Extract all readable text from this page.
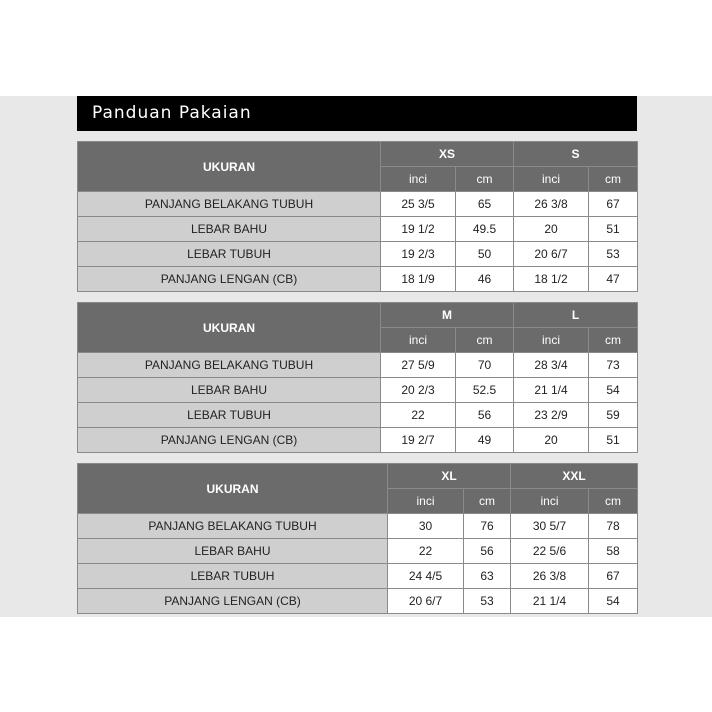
Panduan Pakaian
UKURAN	XS		S	
	inci	cm	inci	cm
PANJANG BELAKANG TUBUH	25 3/5	65	26 3/8	67
LEBAR BAHU	19 1/2	49.5	20	51
LEBAR TUBUH	19 2/3	50	20 6/7	53
PANJANG LENGAN (CB)	18 1/9	46	18 1/2	47
UKURAN	M		L	
	inci	cm	inci	cm
PANJANG BELAKANG TUBUH	27 5/9	70	28 3/4	73
LEBAR BAHU	20 2/3	52.5	21 1/4	54
LEBAR TUBUH	22	56	23 2/9	59
PANJANG LENGAN (CB)	19 2/7	49	20	51
UKURAN	XL		XXL	
	inci	cm	inci	cm
PANJANG BELAKANG TUBUH	30	76	30 5/7	78
LEBAR BAHU	22	56	22 5/6	58
LEBAR TUBUH	24 4/5	63	26 3/8	67
PANJANG LENGAN (CB)	20 6/7	53	21 1/4	54
